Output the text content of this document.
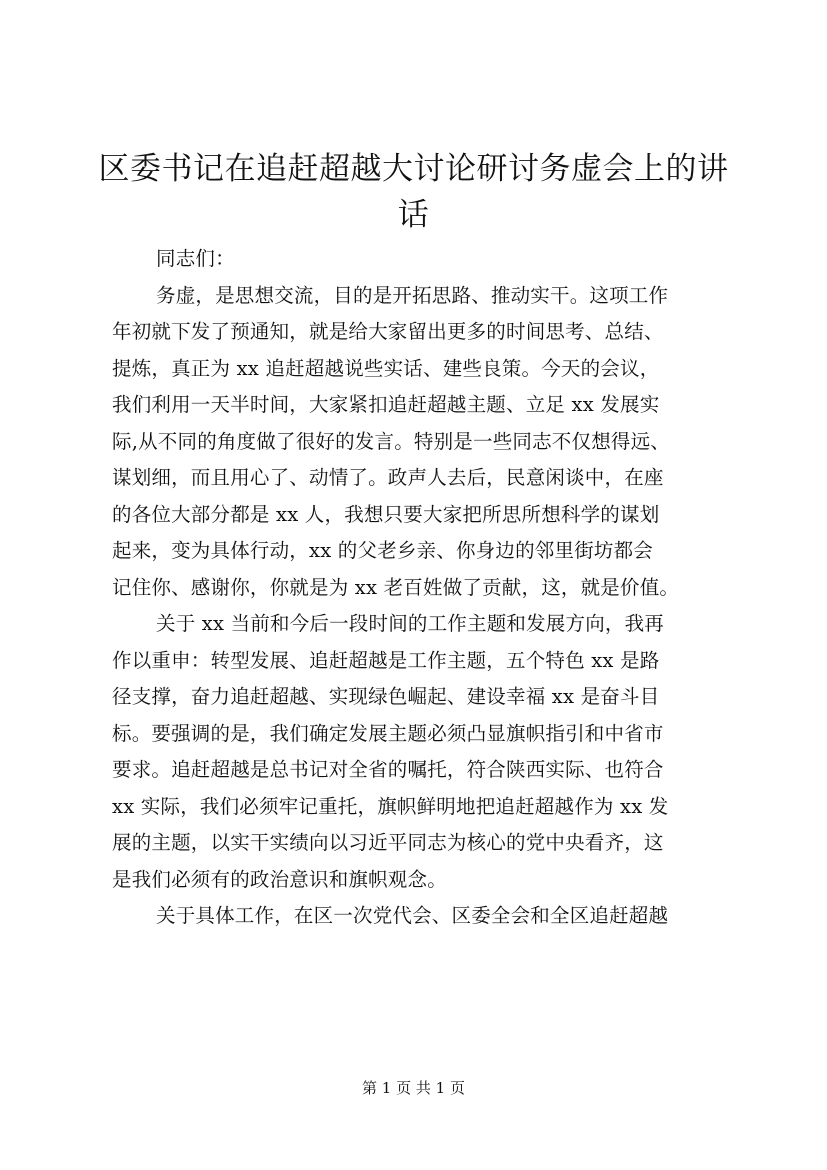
区委书记在追赶超越大讨论研讨务虚会上的讲
话
同志们：
务虚，是思想交流，目的是开拓思路、推动实干。这项工作
年初就下发了预通知，就是给大家留出更多的时间思考、总结、
提炼，真正为 xx 追赶超越说些实话、建些良策。今天的会议，
我们利用一天半时间，大家紧扣追赶超越主题、立足 xx 发展实
际,从不同的角度做了很好的发言。特别是一些同志不仅想得远、
谋划细，而且用心了、动情了。政声人去后，民意闲谈中，在座
的各位大部分都是 xx 人，我想只要大家把所思所想科学的谋划
起来，变为具体行动，xx 的父老乡亲、你身边的邻里街坊都会
记住你、感谢你，你就是为 xx 老百姓做了贡献，这，就是价值。
关于 xx 当前和今后一段时间的工作主题和发展方向，我再
作以重申：转型发展、追赶超越是工作主题，五个特色 xx 是路
径支撑，奋力追赶超越、实现绿色崛起、建设幸福 xx 是奋斗目
标。要强调的是，我们确定发展主题必须凸显旗帜指引和中省市
要求。追赶超越是总书记对全省的嘱托，符合陕西实际、也符合
xx 实际，我们必须牢记重托，旗帜鲜明地把追赶超越作为 xx 发
展的主题，以实干实绩向以习近平同志为核心的党中央看齐，这
是我们必须有的政治意识和旗帜观念。
关于具体工作，在区一次党代会、区委全会和全区追赶超越
第 1 页 共 1 页
